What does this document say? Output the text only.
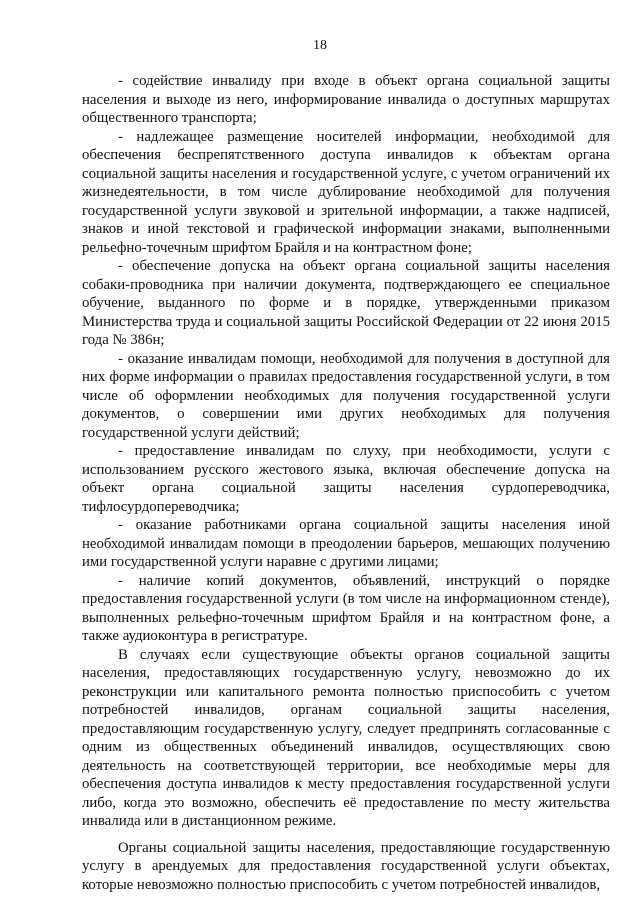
18

- содействие инвалиду при входе в объект органа социальной защиты населения и выходе из него, информирование инвалида о доступных маршрутах общественного транспорта;

- надлежащее размещение носителей информации, необходимой для обеспечения беспрепятственного доступа инвалидов к объектам органа социальной защиты населения и государственной услуге, с учетом ограничений их жизнедеятельности, в том числе дублирование необходимой для получения государственной услуги звуковой и зрительной информации, а также надписей, знаков и иной текстовой и графической информации знаками, выполненными рельефно-точечным шрифтом Брайля и на контрастном фоне;

- обеспечение допуска на объект органа социальной защиты населения собаки-проводника при наличии документа, подтверждающего ее специальное обучение, выданного по форме и в порядке, утвержденными приказом Министерства труда и социальной защиты Российской Федерации от 22 июня 2015 года № 386н;

- оказание инвалидам помощи, необходимой для получения в доступной для них форме информации о правилах предоставления государственной услуги, в том числе об оформлении необходимых для получения государственной услуги документов, о совершении ими других необходимых для получения государственной услуги действий;

- предоставление инвалидам по слуху, при необходимости, услуги с использованием русского жестового языка, включая обеспечение допуска на объект органа социальной защиты населения сурдопереводчика, тифлосурдопереводчика;

- оказание работниками органа социальной защиты населения иной необходимой инвалидам помощи в преодолении барьеров, мешающих получению ими государственной услуги наравне с другими лицами;

- наличие копий документов, объявлений, инструкций о порядке предоставления государственной услуги (в том числе на информационном стенде), выполненных рельефно-точечным шрифтом Брайля и на контрастном фоне, а также аудиоконтура в регистратуре.

В случаях если существующие объекты органов социальной защиты населения, предоставляющих государственную услугу, невозможно до их реконструкции или капитального ремонта полностью приспособить с учетом потребностей инвалидов, органам социальной защиты населения, предоставляющим государственную услугу, следует предпринять согласованные с одним из общественных объединений инвалидов, осуществляющих свою деятельность на соответствующей территории, все необходимые меры для обеспечения доступа инвалидов к месту предоставления государственной услуги либо, когда это возможно, обеспечить её предоставление по месту жительства инвалида или в дистанционном режиме.

Органы социальной защиты населения, предоставляющие государственную услугу в арендуемых для предоставления государственной услуги объектах, которые невозможно полностью приспособить с учетом потребностей инвалидов,
